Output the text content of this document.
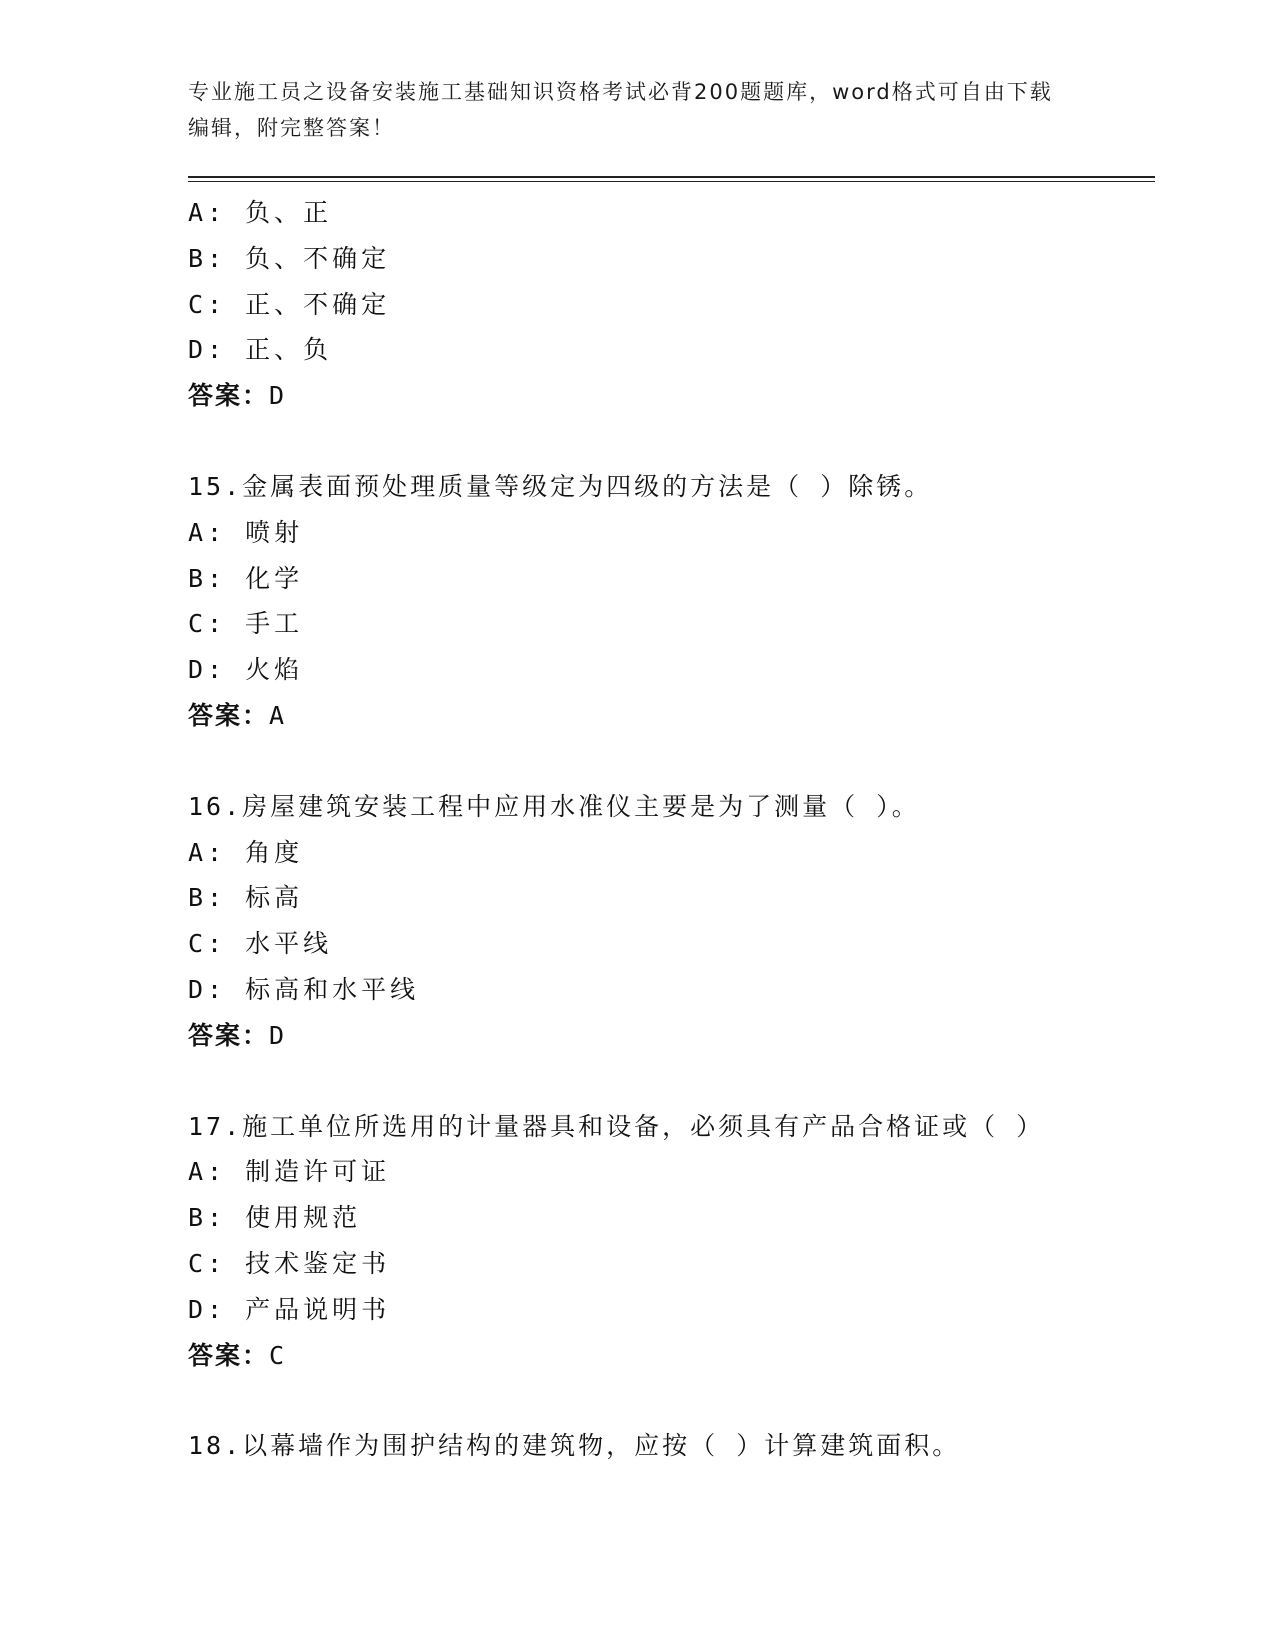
专业施工员之设备安装施工基础知识资格考试必背200题题库，word格式可自由下载编辑，附完整答案！
A: 负、正
B: 负、不确定
C: 正、不确定
D: 正、负
答案：D
15.金属表面预处理质量等级定为四级的方法是（ ）除锈。
A: 喷射
B: 化学
C: 手工
D: 火焰
答案：A
16.房屋建筑安装工程中应用水准仪主要是为了测量（ ）。
A: 角度
B: 标高
C: 水平线
D: 标高和水平线
答案：D
17.施工单位所选用的计量器具和设备，必须具有产品合格证或（ ）
A: 制造许可证
B: 使用规范
C: 技术鉴定书
D: 产品说明书
答案：C
18.以幕墙作为围护结构的建筑物，应按（ ）计算建筑面积。
